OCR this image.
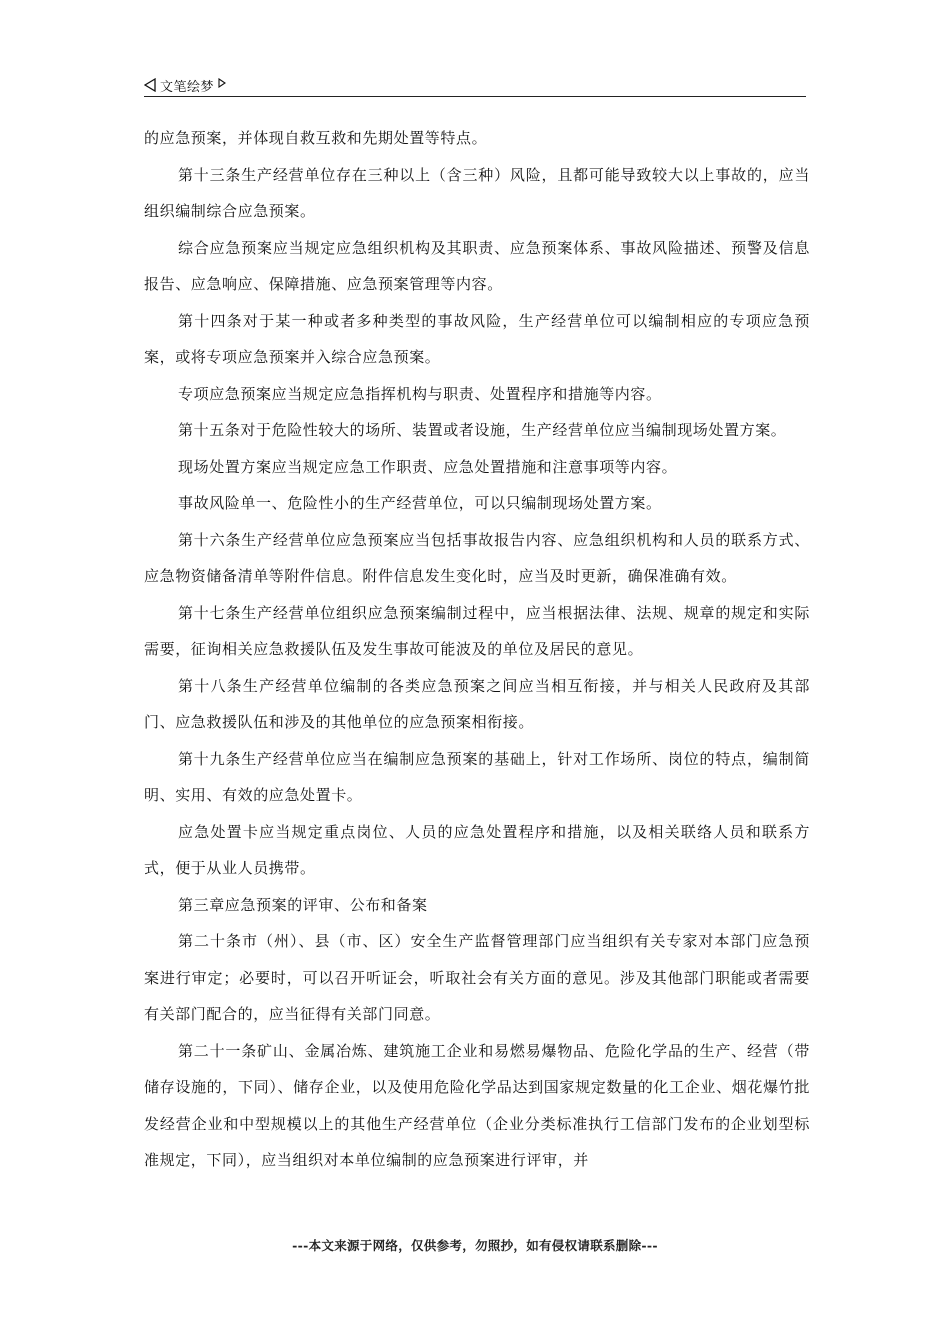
文笔绘梦

的应急预案，并体现自救互救和先期处置等特点。

第十三条生产经营单位存在三种以上（含三种）风险，且都可能导致较大以上事故的，应当组织编制综合应急预案。

综合应急预案应当规定应急组织机构及其职责、应急预案体系、事故风险描述、预警及信息报告、应急响应、保障措施、应急预案管理等内容。

第十四条对于某一种或者多种类型的事故风险，生产经营单位可以编制相应的专项应急预案，或将专项应急预案并入综合应急预案。

专项应急预案应当规定应急指挥机构与职责、处置程序和措施等内容。

第十五条对于危险性较大的场所、装置或者设施，生产经营单位应当编制现场处置方案。

现场处置方案应当规定应急工作职责、应急处置措施和注意事项等内容。

事故风险单一、危险性小的生产经营单位，可以只编制现场处置方案。

第十六条生产经营单位应急预案应当包括事故报告内容、应急组织机构和人员的联系方式、应急物资储备清单等附件信息。附件信息发生变化时，应当及时更新，确保准确有效。

第十七条生产经营单位组织应急预案编制过程中，应当根据法律、法规、规章的规定和实际需要，征询相关应急救援队伍及发生事故可能波及的单位及居民的意见。

第十八条生产经营单位编制的各类应急预案之间应当相互衔接，并与相关人民政府及其部门、应急救援队伍和涉及的其他单位的应急预案相衔接。

第十九条生产经营单位应当在编制应急预案的基础上，针对工作场所、岗位的特点，编制简明、实用、有效的应急处置卡。

应急处置卡应当规定重点岗位、人员的应急处置程序和措施，以及相关联络人员和联系方式，便于从业人员携带。

第三章应急预案的评审、公布和备案

第二十条市（州）、县（市、区）安全生产监督管理部门应当组织有关专家对本部门应急预案进行审定；必要时，可以召开听证会，听取社会有关方面的意见。涉及其他部门职能或者需要有关部门配合的，应当征得有关部门同意。

第二十一条矿山、金属冶炼、建筑施工企业和易燃易爆物品、危险化学品的生产、经营（带储存设施的，下同）、储存企业，以及使用危险化学品达到国家规定数量的化工企业、烟花爆竹批发经营企业和中型规模以上的其他生产经营单位（企业分类标准执行工信部门发布的企业划型标准规定，下同），应当组织对本单位编制的应急预案进行评审，并

---本文来源于网络，仅供参考，勿照抄，如有侵权请联系删除---
